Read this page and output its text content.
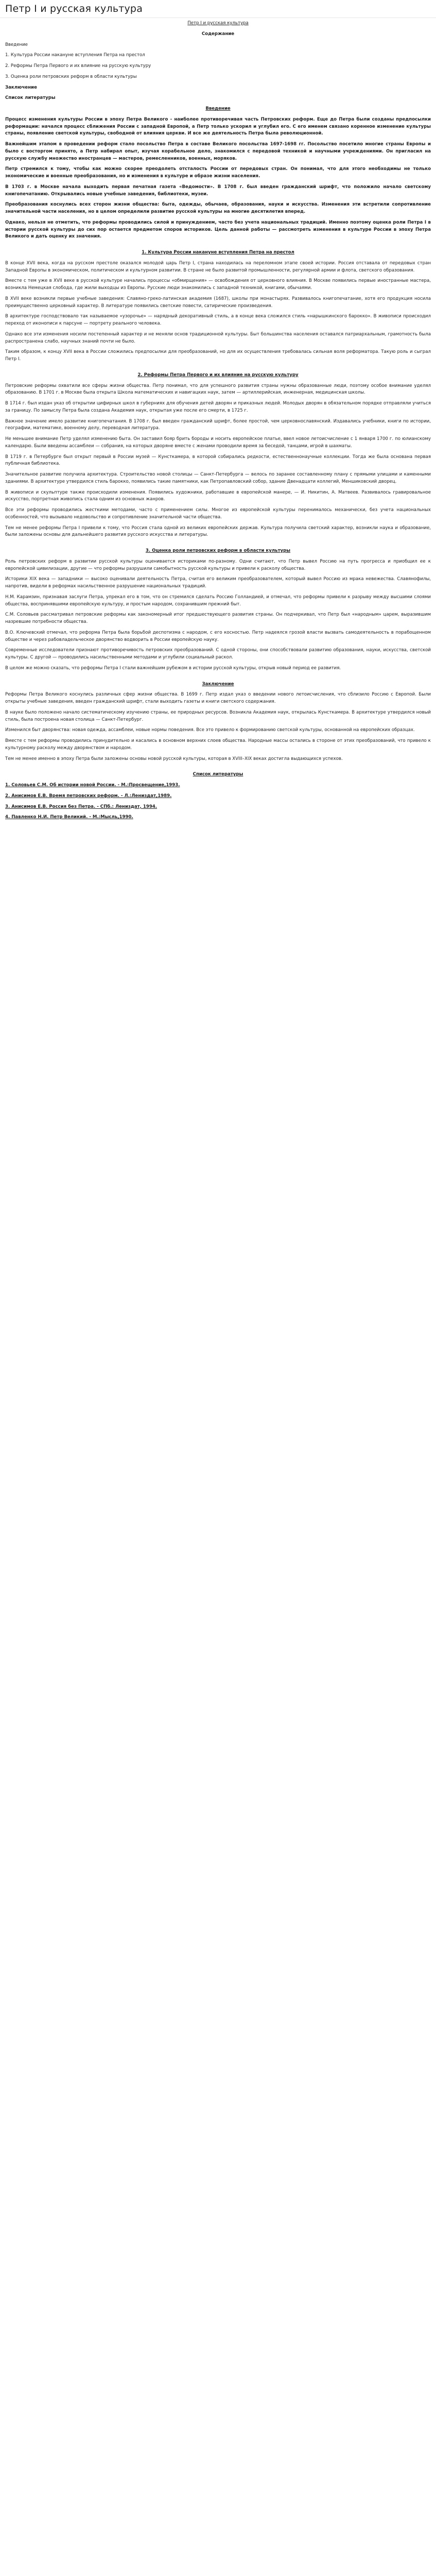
Петр I и русская культура

Петр I и русская культура

Содержание

Введение

1. Культура России накануне вступления Петра на престол

2. Реформы Петра Первого и их влияние на русскую культуру

3. Оценка роли петровских реформ в области культуры

Заключение

Список литературы

Введение

Процесс изменения культуры России в эпоху Петра Великого - наиболее противоречивая часть Петровских реформ. Еще до Петра были созданы предпосылки реформации: начался процесс сближения России с западной Европой, а Петр только ускорил и углубил его. С его именем связано коренное изменение культуры страны, появление светской культуры, свободной от влияния церкви. И все же деятельность Петра была революционной.

Важнейшим этапом в проведении реформ стало посольство Петра в составе Великого посольства 1697-1698 гг. Посольство посетило многие страны Европы и было с восторгом принято, а Петр набирал опыт, изучая корабельное дело, знакомился с передовой техникой и научными учреждениями. Он пригласил на русскую службу множество иностранцев — мастеров, ремесленников, военных, моряков.

Петр стремился к тому, чтобы как можно скорее преодолеть отсталость России от передовых стран. Он понимал, что для этого необходимы не только экономические и военные преобразования, но и изменения в культуре и образе жизни населения.

В 1703 г. в Москве начала выходить первая печатная газета «Ведомости». В 1708 г. был введен гражданский шрифт, что положило начало светскому книгопечатанию. Открывались новые учебные заведения, библиотеки, музеи.

Преобразования коснулись всех сторон жизни общества: быта, одежды, обычаев, образования, науки и искусства. Изменения эти встретили сопротивление значительной части населения, но в целом определили развитие русской культуры на многие десятилетия вперед.

Однако, нельзя не отметить, что реформы проводились силой и принуждением, часто без учета национальных традиций. Именно поэтому оценка роли Петра I в истории русской культуры до сих пор остается предметом споров историков. Цель данной работы — рассмотреть изменения в культуре России в эпоху Петра Великого и дать оценку их значения.

1. Культура России накануне вступления Петра на престол

В конце XVII века, когда на русском престоле оказался молодой царь Петр I, страна находилась на переломном этапе своей истории. Россия отставала от передовых стран Западной Европы в экономическом, политическом и культурном развитии. В стране не было развитой промышленности, регулярной армии и флота, светского образования.

Вместе с тем уже в XVII веке в русской культуре начались процессы «обмирщения» — освобождения от церковного влияния. В Москве появились первые иностранные мастера, возникла Немецкая слобода, где жили выходцы из Европы. Русские люди знакомились с западной техникой, книгами, обычаями.

В XVII веке возникли первые учебные заведения: Славяно-греко-латинская академия (1687), школы при монастырях. Развивалось книгопечатание, хотя его продукция носила преимущественно церковный характер. В литературе появились светские повести, сатирические произведения.

В архитектуре господствовало так называемое «узорочье» — нарядный декоративный стиль, а в конце века сложился стиль «нарышкинского барокко». В живописи происходил переход от иконописи к парсуне — портрету реального человека.

Однако все эти изменения носили постепенный характер и не меняли основ традиционной культуры. Быт большинства населения оставался патриархальным, грамотность была распространена слабо, научных знаний почти не было.

Таким образом, к концу XVII века в России сложились предпосылки для преобразований, но для их осуществления требовалась сильная воля реформатора. Такую роль и сыграл Петр I.

2. Реформы Петра Первого и их влияние на русскую культуру

Петровские реформы охватили все сферы жизни общества. Петр понимал, что для успешного развития страны нужны образованные люди, поэтому особое внимание уделял образованию. В 1701 г. в Москве была открыта Школа математических и навигацких наук, затем — артиллерийская, инженерная, медицинская школы.

В 1714 г. был издан указ об открытии цифирных школ в губерниях для обучения детей дворян и приказных людей. Молодых дворян в обязательном порядке отправляли учиться за границу. По замыслу Петра была создана Академия наук, открытая уже после его смерти, в 1725 г.

Важное значение имело развитие книгопечатания. В 1708 г. был введен гражданский шрифт, более простой, чем церковнославянский. Издавались учебники, книги по истории, географии, математике, военному делу, переводная литература.

Не меньшее внимание Петр уделял изменению быта. Он заставил бояр брить бороды и носить европейское платье, ввел новое летоисчисление с 1 января 1700 г. по юлианскому календарю. Были введены ассамблеи — собрания, на которых дворяне вместе с женами проводили время за беседой, танцами, игрой в шахматы.

В 1719 г. в Петербурге был открыт первый в России музей — Кунсткамера, в которой собирались редкости, естественнонаучные коллекции. Тогда же была основана первая публичная библиотека.

Значительное развитие получила архитектура. Строительство новой столицы — Санкт-Петербурга — велось по заранее составленному плану с прямыми улицами и каменными зданиями. В архитектуре утвердился стиль барокко, появились такие памятники, как Петропавловский собор, здание Двенадцати коллегий, Меншиковский дворец.

В живописи и скульптуре также происходили изменения. Появились художники, работавшие в европейской манере, — И. Никитин, А. Матвеев. Развивалось гравировальное искусство, портретная живопись стала одним из основных жанров.

Все эти реформы проводились жесткими методами, часто с применением силы. Многое из европейской культуры перенималось механически, без учета национальных особенностей, что вызывало недовольство и сопротивление значительной части общества.

Тем не менее реформы Петра I привели к тому, что Россия стала одной из великих европейских держав. Культура получила светский характер, возникли наука и образование, были заложены основы для дальнейшего развития русского искусства и литературы.

3. Оценка роли петровских реформ в области культуры

Роль петровских реформ в развитии русской культуры оценивается историками по-разному. Одни считают, что Петр вывел Россию на путь прогресса и приобщил ее к европейской цивилизации, другие — что реформы разрушили самобытность русской культуры и привели к расколу общества.

Историки XIX века — западники — высоко оценивали деятельность Петра, считая его великим преобразователем, который вывел Россию из мрака невежества. Славянофилы, напротив, видели в реформах насильственное разрушение национальных традиций.

Н.М. Карамзин, признавая заслуги Петра, упрекал его в том, что он стремился сделать Россию Голландией, и отмечал, что реформы привели к разрыву между высшими слоями общества, воспринявшими европейскую культуру, и простым народом, сохранившим прежний быт.

С.М. Соловьев рассматривал петровские реформы как закономерный итог предшествующего развития страны. Он подчеркивал, что Петр был «народным» царем, выразившим назревшие потребности общества.

В.О. Ключевский отмечал, что реформа Петра была борьбой деспотизма с народом, с его косностью. Петр надеялся грозой власти вызвать самодеятельность в порабощенном обществе и через рабовладельческое дворянство водворить в России европейскую науку.

Современные исследователи признают противоречивость петровских преобразований. С одной стороны, они способствовали развитию образования, науки, искусства, светской культуры. С другой — проводились насильственными методами и углубили социальный раскол.

В целом же можно сказать, что реформы Петра I стали важнейшим рубежом в истории русской культуры, открыв новый период ее развития.

Заключение

Реформы Петра Великого коснулись различных сфер жизни общества. В 1699 г. Петр издал указ о введении нового летоисчисления, что сблизило Россию с Европой. Были открыты учебные заведения, введен гражданский шрифт, стали выходить газеты и книги светского содержания.

В науке было положено начало систематическому изучению страны, ее природных ресурсов. Возникла Академия наук, открылась Кунсткамера. В архитектуре утвердился новый стиль, была построена новая столица — Санкт-Петербург.

Изменился быт дворянства: новая одежда, ассамблеи, новые нормы поведения. Все это привело к формированию светской культуры, основанной на европейских образцах.

Вместе с тем реформы проводились принудительно и касались в основном верхних слоев общества. Народные массы остались в стороне от этих преобразований, что привело к культурному расколу между дворянством и народом.

Тем не менее именно в эпоху Петра были заложены основы новой русской культуры, которая в XVIII–XIX веках достигла выдающихся успехов.

Список литературы

1. Соловьев С.М. Об истории новой России. - М.:Просвещение,1993.

2. Анисимов Е.В. Время петровских реформ. - Л.:Лениздат,1989.

3. Анисимов Е.В. Россия без Петра. - СПб.: Лениздат, 1994.

4. Павленко Н.И. Петр Великий. - М.:Мысль,1990.
